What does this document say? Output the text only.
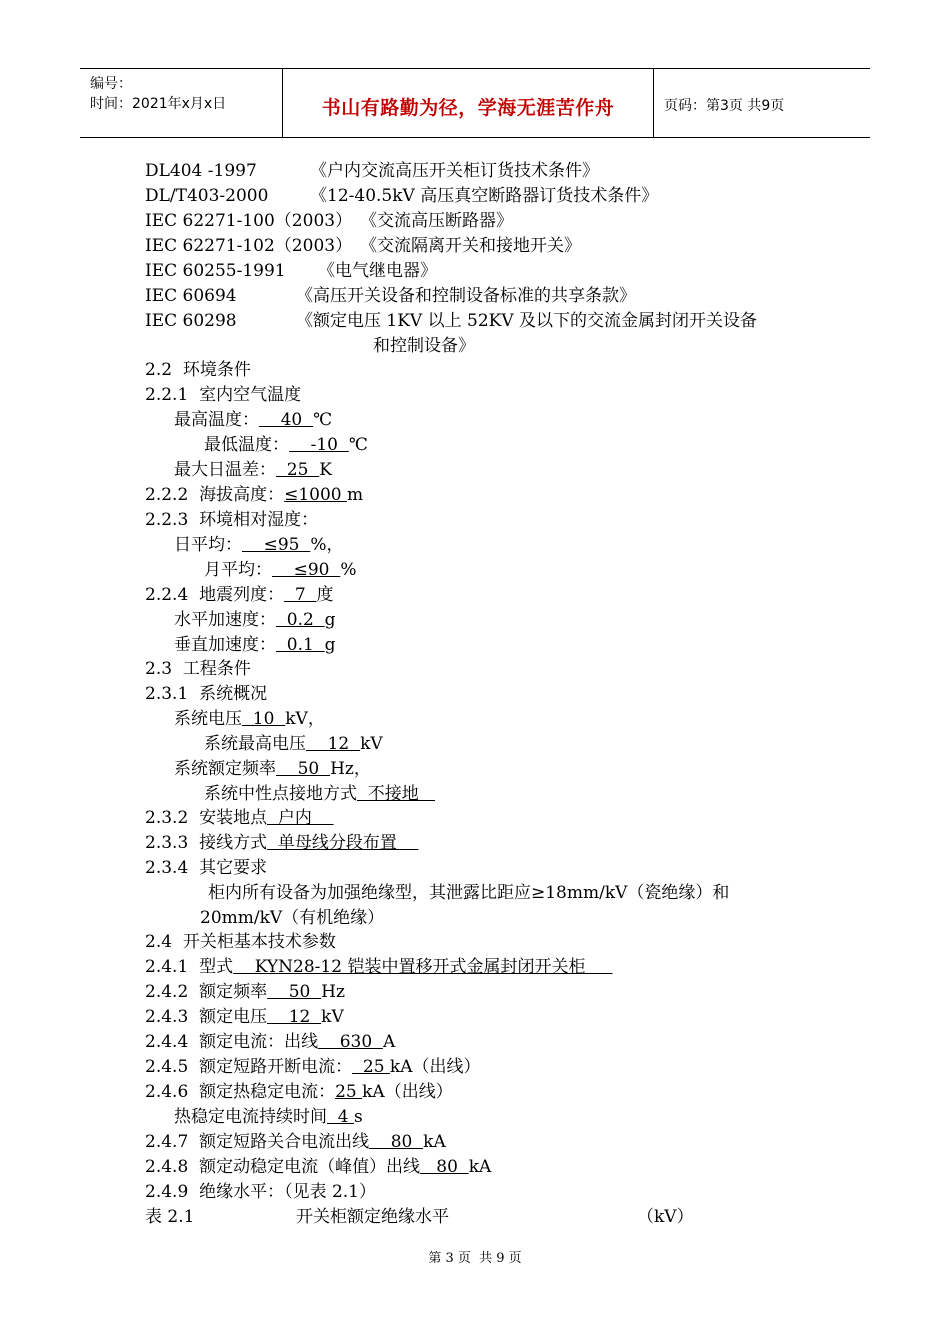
编号：
时间：2021年x月x日	书山有路勤为径，学海无涯苦作舟	页码：第3页 共9页
DL404 -1997	《户内交流高压开关柜订货技术条件》
DL/T403-2000 《12-40.5kV 高压真空断路器订货技术条件》
IEC 62271-100（2003） 《交流高压断路器》
IEC 62271-102（2003） 《交流隔离开关和接地开关》
IEC 60255-1991 《电气继电器》
IEC 60694	《高压开关设备和控制设备标准的共享条款》
IEC 60298	《额定电压 1KV 以上 52KV 及以下的交流金属封闭开关设备
和控制设备》
2.2  环境条件
2.2.1  室内空气温度
最高温度：    40  ℃
最低温度：    -10  ℃
最大日温差：  25  K
2.2.2  海拔高度：≤1000 m
2.2.3  环境相对湿度：
日平均：    ≤95  %，
月平均：    ≤90  %
2.2.4  地震列度：  7  度
水平加速度：  0.2  g
垂直加速度：  0.1  g
2.3  工程条件
2.3.1  系统概况
系统电压  10  kV，
系统最高电压    12  kV
系统额定频率    50  Hz，
系统中性点接地方式  不接地
2.3.2  安装地点  户内
2.3.3  接线方式  单母线分段布置
2.3.4  其它要求
柜内所有设备为加强绝缘型，其泄露比距应≥18mm/kV（瓷绝缘）和
20mm/kV（有机绝缘）
2.4  开关柜基本技术参数
2.4.1  型式    KYN28-12 铠装中置移开式金属封闭开关柜
2.4.2  额定频率    50  Hz
2.4.3  额定电压    12  kV
2.4.4  额定电流：出线    630  A
2.4.5  额定短路开断电流：  25 kA（出线）
2.4.6  额定热稳定电流：25 kA（出线）
热稳定电流持续时间  4 s
2.4.7  额定短路关合电流出线    80  kA
2.4.8  额定动稳定电流（峰值）出线   80  kA
2.4.9  绝缘水平：（见表 2.1）
表 2.1	开关柜额定绝缘水平	（kV）
第 3 页  共 9 页
